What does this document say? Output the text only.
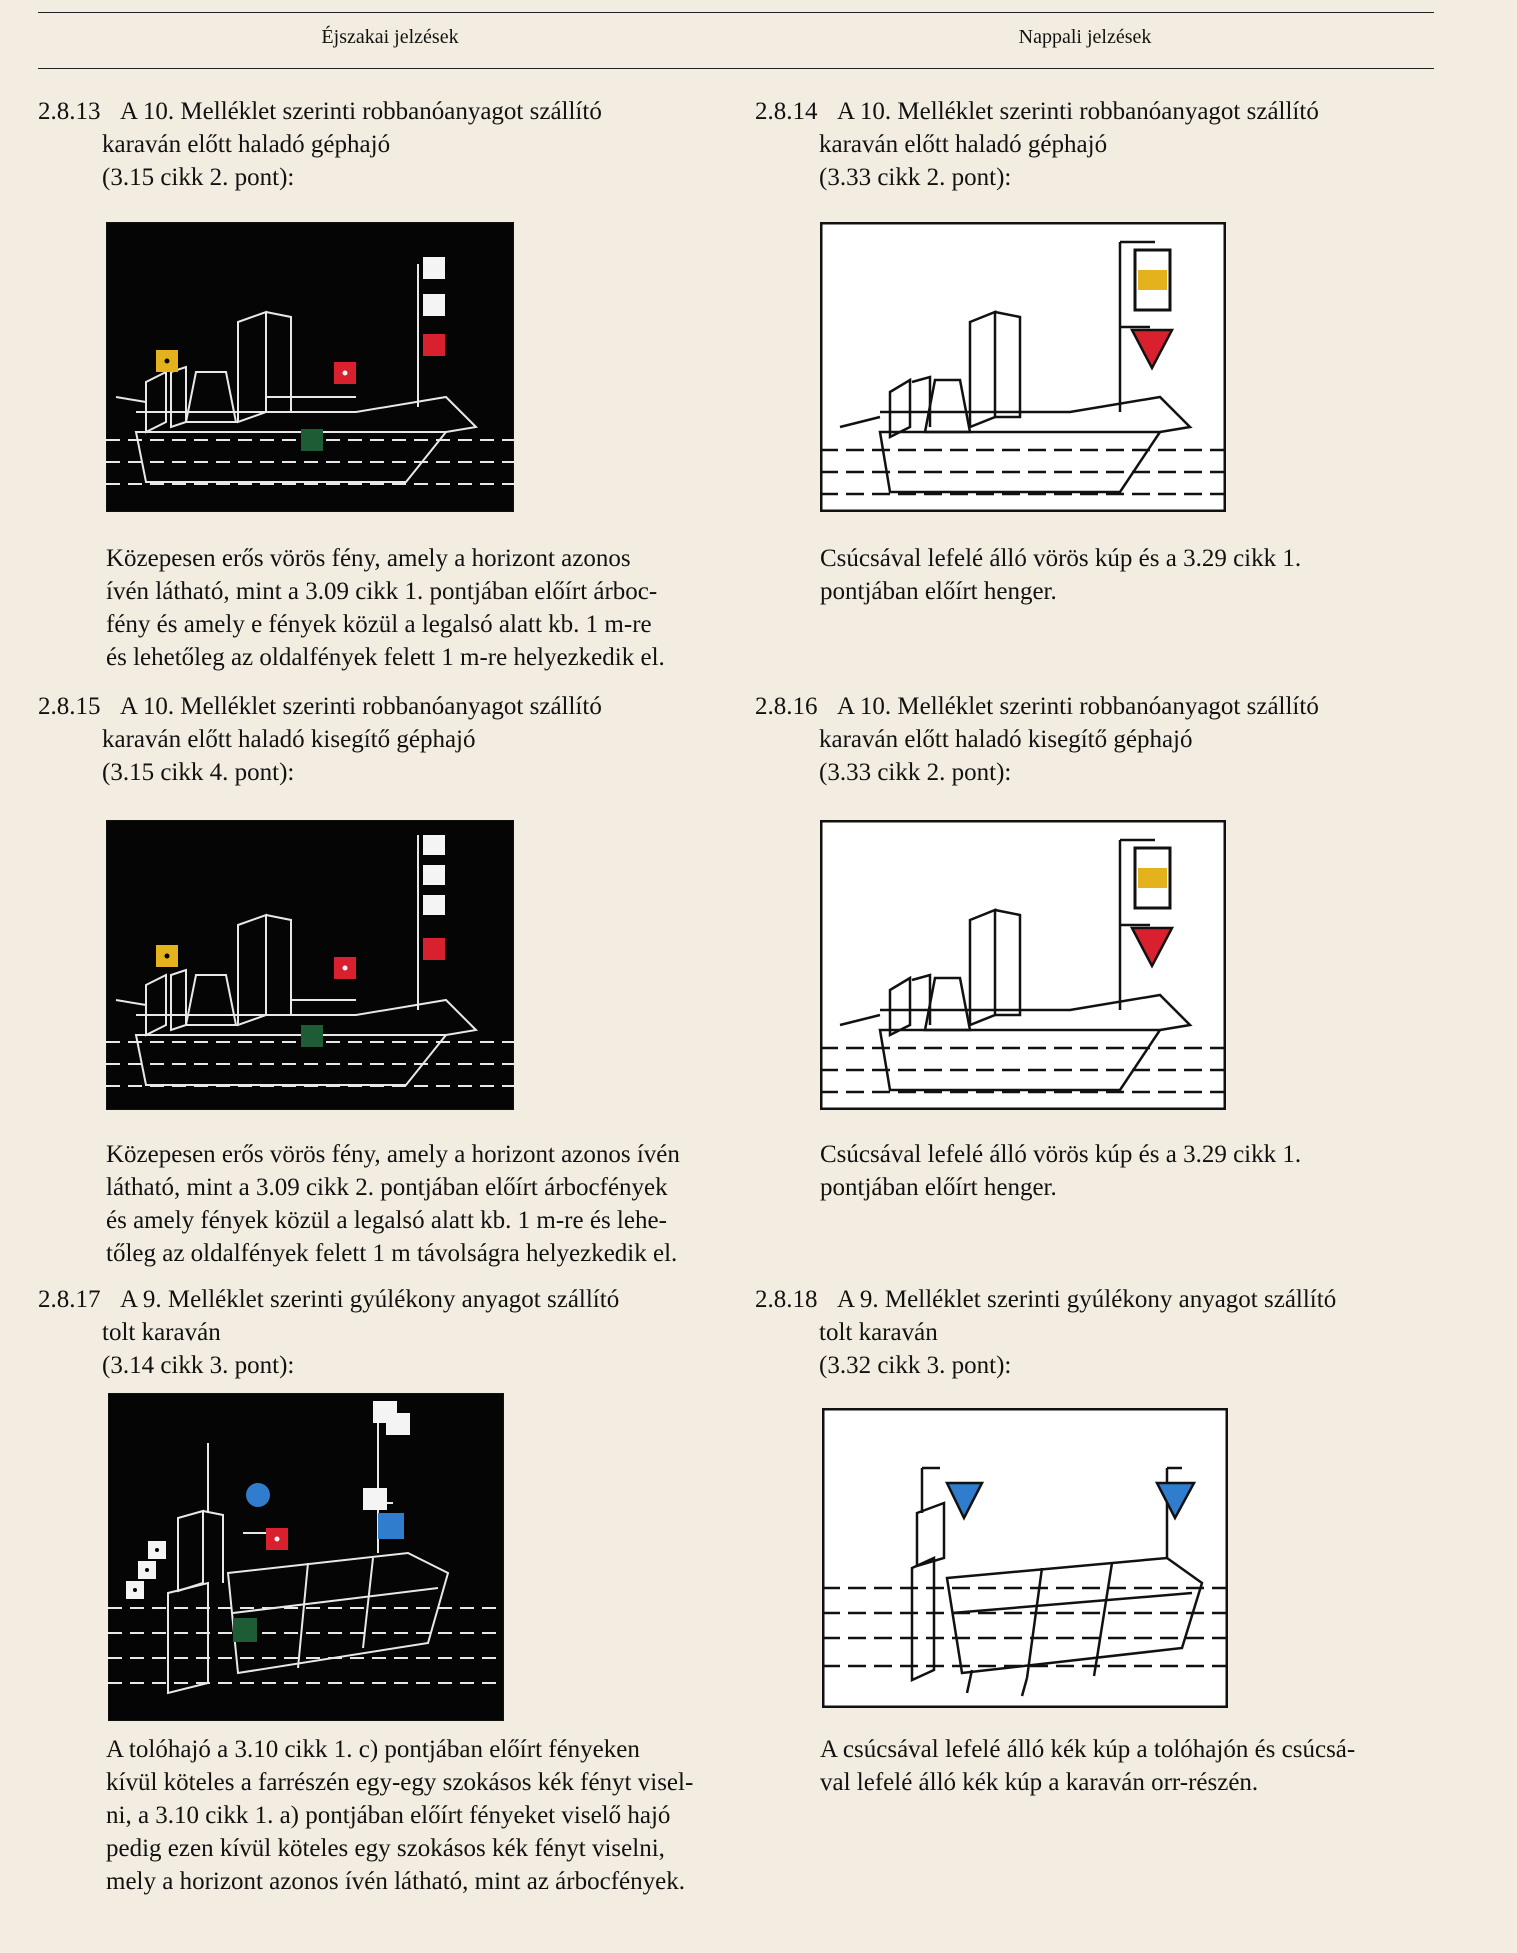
Éjszakai jelzések	Nappali jelzések
2.8.13 A 10. Melléklet szerinti robbanóanyagot szállító
karaván előtt haladó géphajó
(3.15 cikk 2. pont):
2.8.14 A 10. Melléklet szerinti robbanóanyagot szállító
karaván előtt haladó géphajó
(3.33 cikk 2. pont):
Közepesen erős vörös fény, amely a horizont azonos
ívén látható, mint a 3.09 cikk 1. pontjában előírt árboc-
fény és amely e fények közül a legalsó alatt kb. 1 m-re
és lehetőleg az oldalfények felett 1 m-re helyezkedik el.
Csúcsával lefelé álló vörös kúp és a 3.29 cikk 1.
pontjában előírt henger.
2.8.15 A 10. Melléklet szerinti robbanóanyagot szállító
karaván előtt haladó kisegítő géphajó
(3.15 cikk 4. pont):
2.8.16 A 10. Melléklet szerinti robbanóanyagot szállító
karaván előtt haladó kisegítő géphajó
(3.33 cikk 2. pont):
Közepesen erős vörös fény, amely a horizont azonos ívén
látható, mint a 3.09 cikk 2. pontjában előírt árbocfények
és amely fények közül a legalsó alatt kb. 1 m-re és lehe-
tőleg az oldalfények felett 1 m távolságra helyezkedik el.
Csúcsával lefelé álló vörös kúp és a 3.29 cikk 1.
pontjában előírt henger.
2.8.17 A 9. Melléklet szerinti gyúlékony anyagot szállító
tolt karaván
(3.14 cikk 3. pont):
2.8.18 A 9. Melléklet szerinti gyúlékony anyagot szállító
tolt karaván
(3.32 cikk 3. pont):
A tolóhajó a 3.10 cikk 1. c) pontjában előírt fényeken
kívül köteles a farrészén egy-egy szokásos kék fényt visel-
ni, a 3.10 cikk 1. a) pontjában előírt fényeket viselő hajó
pedig ezen kívül köteles egy szokásos kék fényt viselni,
mely a horizont azonos ívén látható, mint az árbocfények.
A csúcsával lefelé álló kék kúp a tolóhajón és csúcsá-
val lefelé álló kék kúp a karaván orr-részén.
